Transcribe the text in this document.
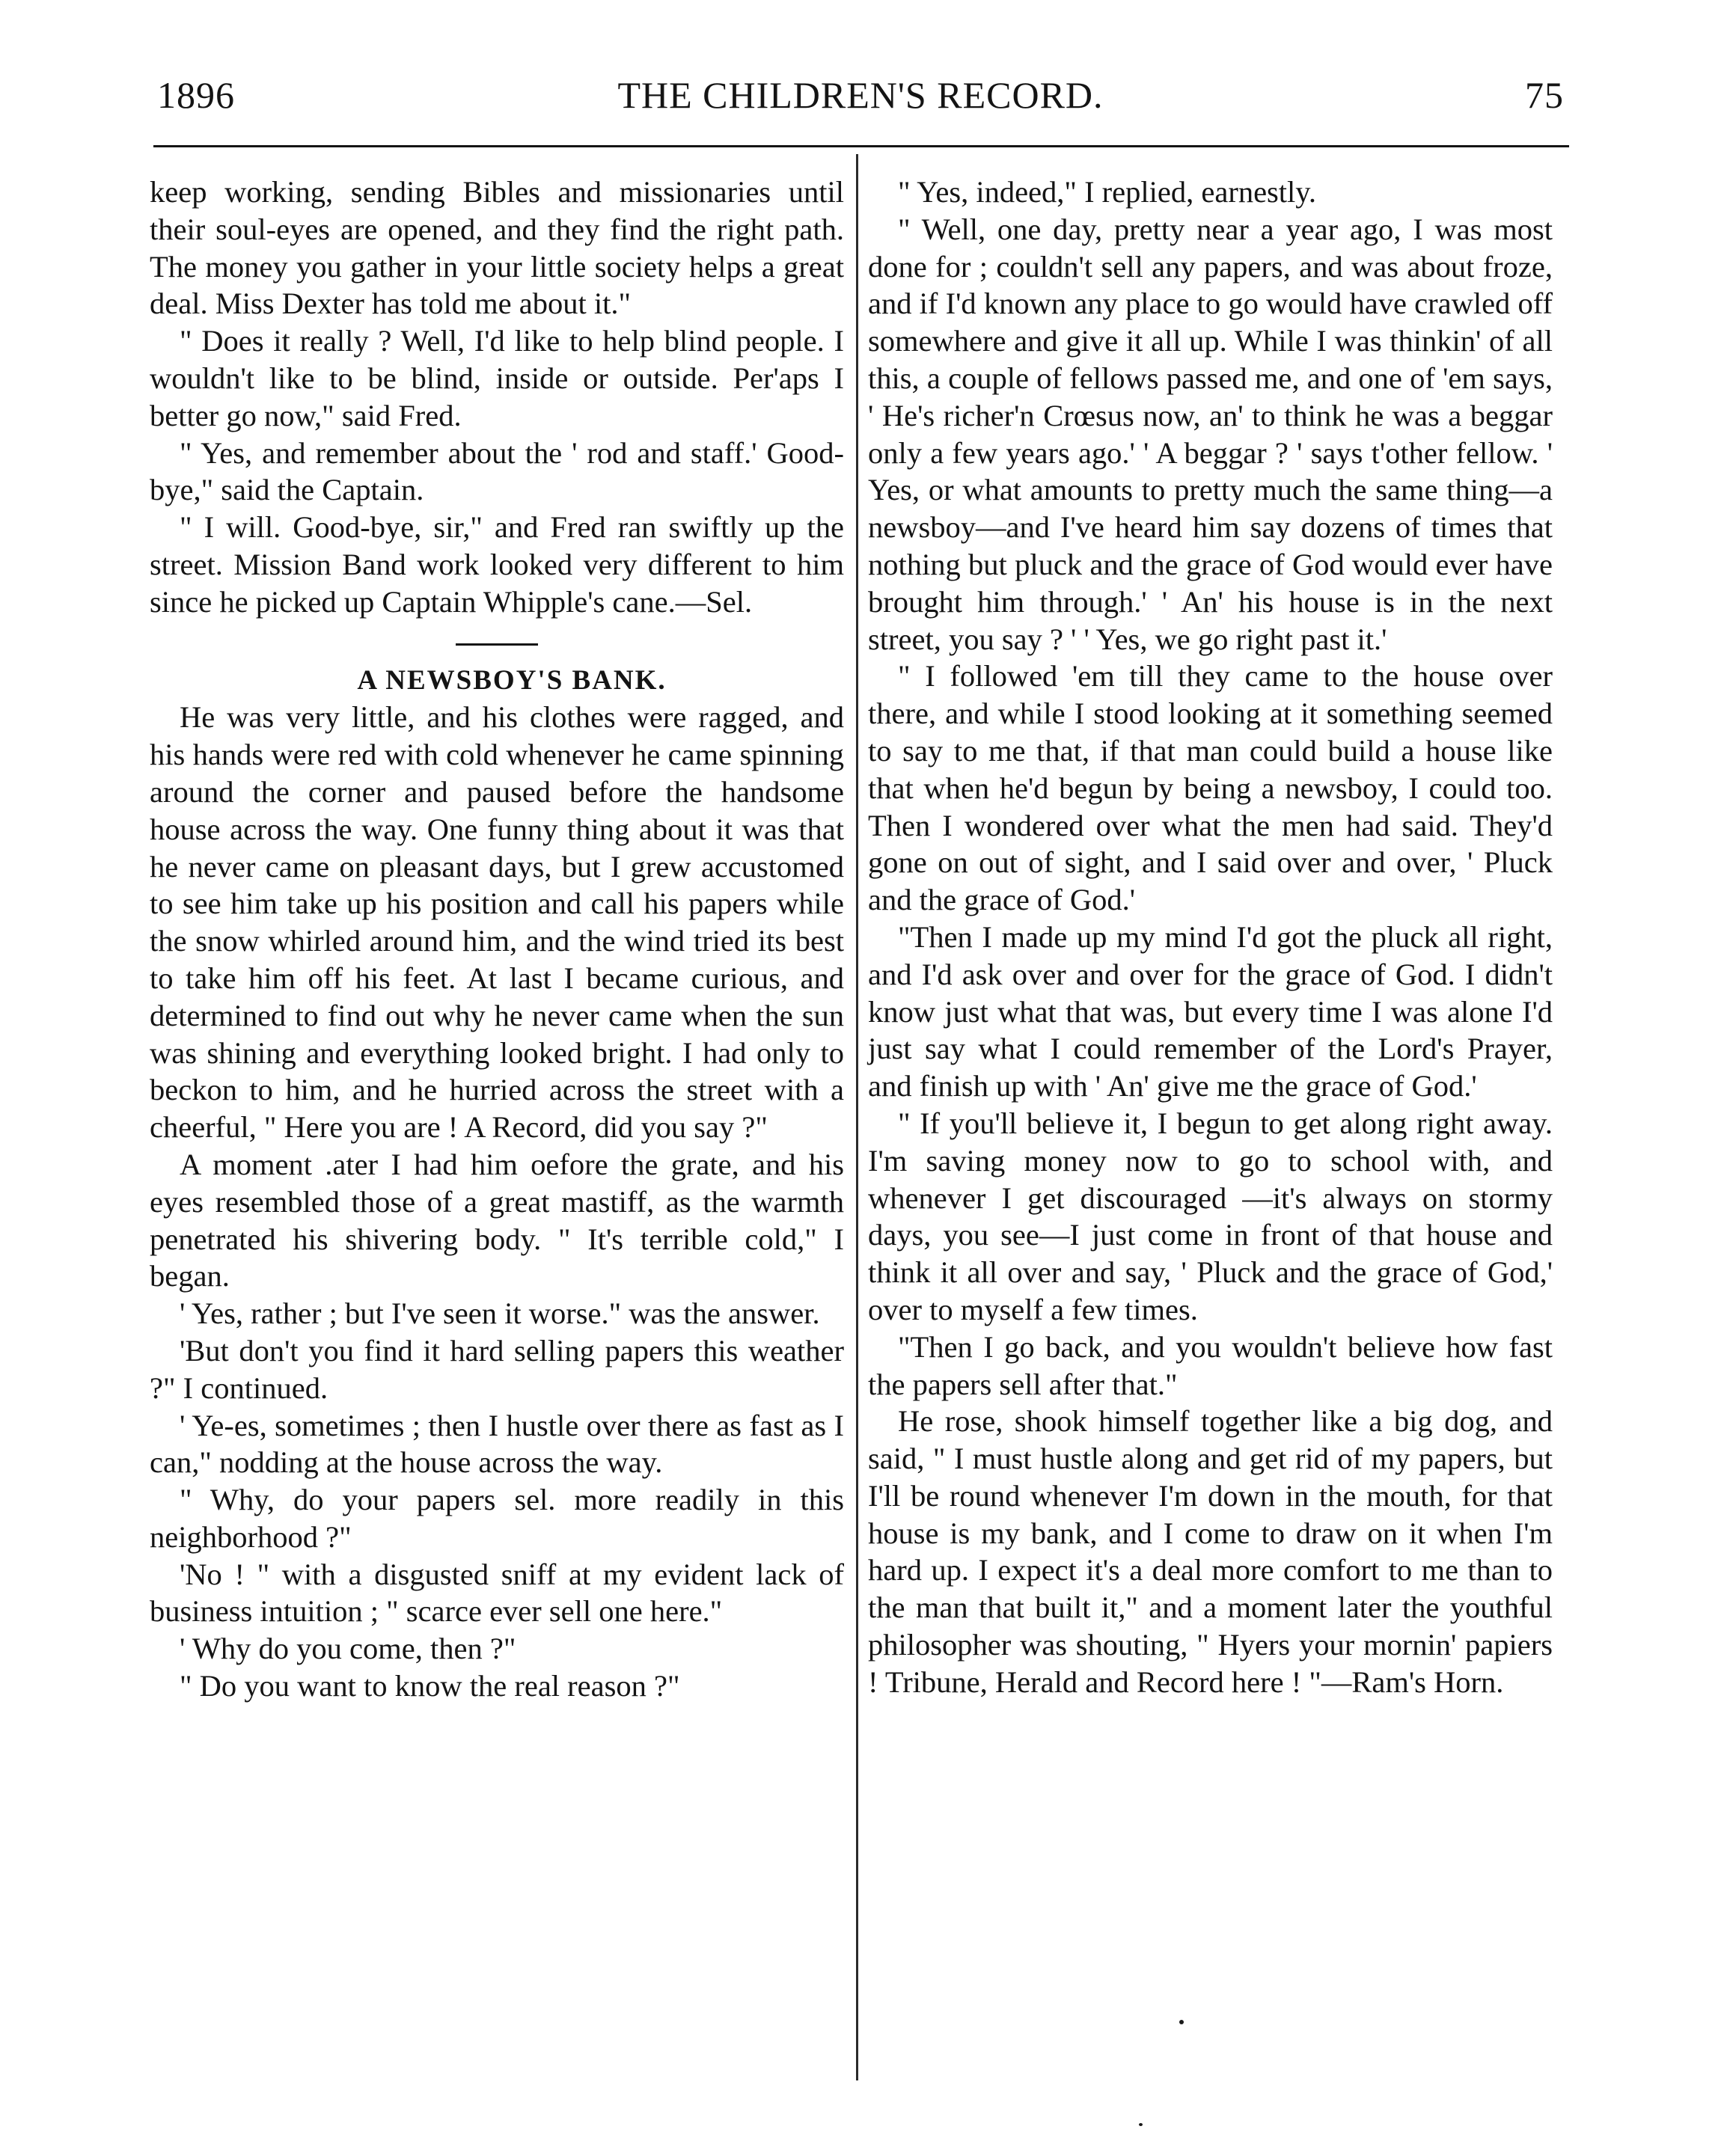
1896	THE CHILDREN'S RECORD.	75

keep working, sending Bibles and missionaries until their soul-eyes are opened, and they find the right path. The money you gather in your little society helps a great deal. Miss Dexter has told me about it."

" Does it really ? Well, I'd like to help blind people. I wouldn't like to be blind, inside or outside. Per'aps I better go now," said Fred.

" Yes, and remember about the ' rod and staff.' Good-bye," said the Captain.

" I will. Good-bye, sir," and Fred ran swiftly up the street. Mission Band work looked very different to him since he picked up Captain Whipple's cane.—Sel.

A NEWSBOY'S BANK.

He was very little, and his clothes were ragged, and his hands were red with cold whenever he came spinning around the corner and paused before the handsome house across the way. One funny thing about it was that he never came on pleasant days, but I grew accustomed to see him take up his position and call his papers while the snow whirled around him, and the wind tried its best to take him off his feet. At last I became curious, and determined to find out why he never came when the sun was shining and everything looked bright. I had only to beckon to him, and he hurried across the street with a cheerful, " Here you are ! A Record, did you say ?"

A moment .ater I had him oefore the grate, and his eyes resembled those of a great mastiff, as the warmth penetrated his shivering body. " It's terrible cold," I began.

' Yes, rather ; but I've seen it worse." was the answer.

'But don't you find it hard selling papers this weather ?" I continued.

' Ye-es, sometimes ; then I hustle over there as fast as I can," nodding at the house across the way.

" Why, do your papers sel. more readily in this neighborhood ?"

'No ! " with a disgusted sniff at my evident lack of business intuition ; " scarce ever sell one here."

' Why do you come, then ?"

" Do you want to know the real reason ?"

" Yes, indeed," I replied, earnestly.

" Well, one day, pretty near a year ago, I was most done for ; couldn't sell any papers, and was about froze, and if I'd known any place to go would have crawled off somewhere and give it all up. While I was thinkin' of all this, a couple of fellows passed me, and one of 'em says, ' He's richer'n Crœsus now, an' to think he was a beggar only a few years ago.' ' A beggar ? ' says t'other fellow. ' Yes, or what amounts to pretty much the same thing—a newsboy—and I've heard him say dozens of times that nothing but pluck and the grace of God would ever have brought him through.' ' An' his house is in the next street, you say ? ' ' Yes, we go right past it.'

" I followed 'em till they came to the house over there, and while I stood looking at it something seemed to say to me that, if that man could build a house like that when he'd begun by being a newsboy, I could too. Then I wondered over what the men had said. They'd gone on out of sight, and I said over and over, ' Pluck and the grace of God.'

"Then I made up my mind I'd got the pluck all right, and I'd ask over and over for the grace of God. I didn't know just what that was, but every time I was alone I'd just say what I could remember of the Lord's Prayer, and finish up with ' An' give me the grace of God.'

" If you'll believe it, I begun to get along right away. I'm saving money now to go to school with, and whenever I get discouraged —it's always on stormy days, you see—I just come in front of that house and think it all over and say, ' Pluck and the grace of God,' over to myself a few times.

"Then I go back, and you wouldn't believe how fast the papers sell after that."

He rose, shook himself together like a big dog, and said, " I must hustle along and get rid of my papers, but I'll be round whenever I'm down in the mouth, for that house is my bank, and I come to draw on it when I'm hard up. I expect it's a deal more comfort to me than to the man that built it," and a moment later the youthful philosopher was shouting, " Hyers your mornin' papiers ! Tribune, Herald and Record here ! "—Ram's Horn.
